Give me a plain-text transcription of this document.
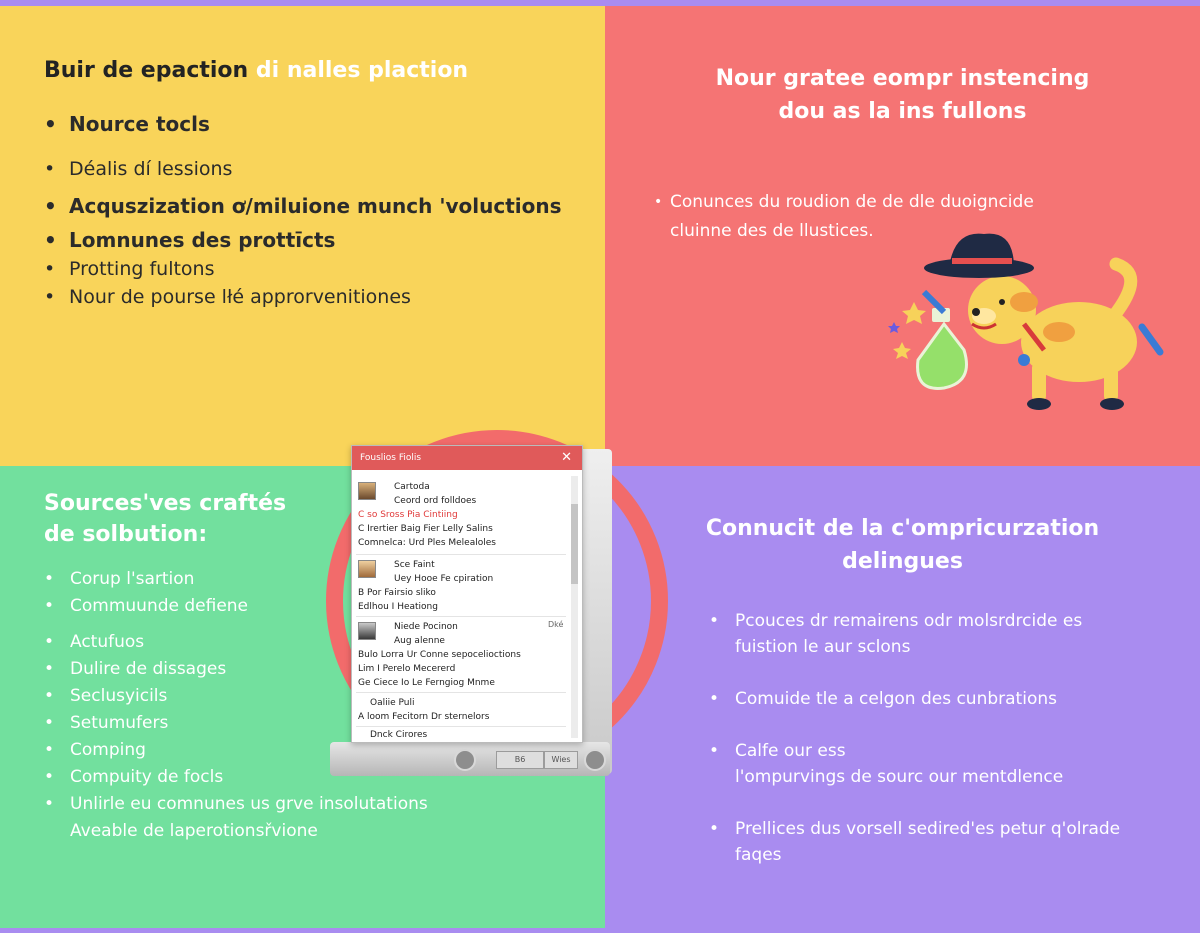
Buir de epaction di nalles plaction
• Nource tocls
• Déalis dí lessions
• Acquszization ơ/miluione munch 'voluctions
• Lomnunes des prottīcts
• Protting fultons
• Nour de pourse lłé approrvenitiones
Nour gratee eompr instencing
dou as la ins fullons
• Conunces du roudion de de dle duoigncide
cluinne des de llustices.
Sources'ves craftés
de solbution:
• Corup l'sartion
• Commuunde defiene
• Actufuos
• Dulire de dissages
• Seclusyicils
• Setumufers
• Comping
• Compuity de focls
• Unlirle eu comnunes us grve insolutations
Aveable de laperotionsřvione
Connucit de la c'ompricurzation
delingues
• Pcouces dr remairens odr molsrdrcide es
fuistion le aur sclons
• Comuide tle a celgon des cunbrations
• Calfe our ess
l'ompurvings de sourc our mentdlence
• Prellices dus vorsell sedired'es petur q'olrade
faqes
B6	Wies
Fouslios Fiolis	✕
Cartoda
Ceord ord folldoes
C so Sross Pia Cintiing
C Irertier Baig Fier Lelly Salins
Comnelca: Urd Ples Melealoles
Sce Faint
Uey Hooe Fe cpiration
B Por Fairsio sliko
Edlhou I Heationg
Niede Pocinon
Aug alenne
Bulo Lorra Ur Conne sepocelioctions
Lim I Perelo Mecererd
Ge Ciece Io Le Ferngiog Mnme
Dké
Oaliie Puli
A loom Fecitorn Dr sternelors
Dnck Cirores
